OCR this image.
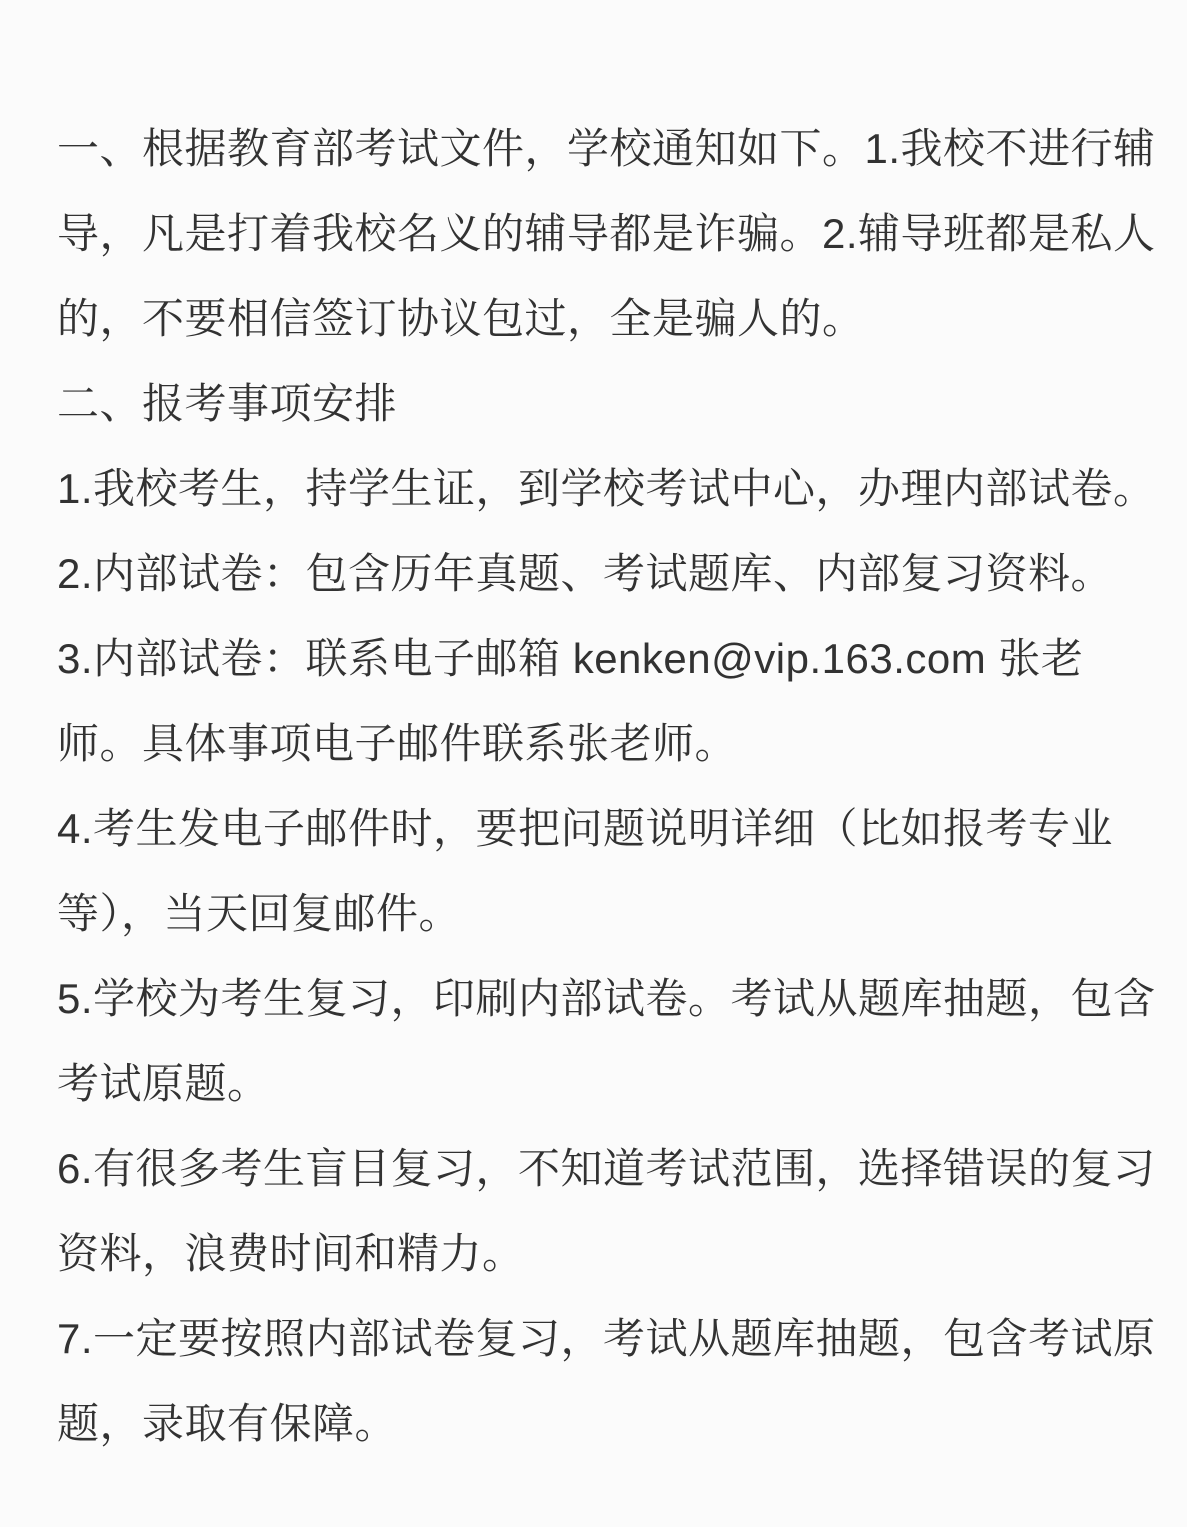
一、根据教育部考试文件，学校通知如下。1.我校不进行辅
导，凡是打着我校名义的辅导都是诈骗。2.辅导班都是私人
的，不要相信签订协议包过，全是骗人的。

二、报考事项安排

1.我校考生，持学生证，到学校考试中心，办理内部试卷。

2.内部试卷：包含历年真题、考试题库、内部复习资料。

3.内部试卷：联系电子邮箱 kenken@vip.163.com 张老
师。具体事项电子邮件联系张老师。

4.考生发电子邮件时，要把问题说明详细（比如报考专业
等），当天回复邮件。

5.学校为考生复习，印刷内部试卷。考试从题库抽题，包含
考试原题。

6.有很多考生盲目复习，不知道考试范围，选择错误的复习
资料，浪费时间和精力。

7.一定要按照内部试卷复习，考试从题库抽题，包含考试原
题，录取有保障。
